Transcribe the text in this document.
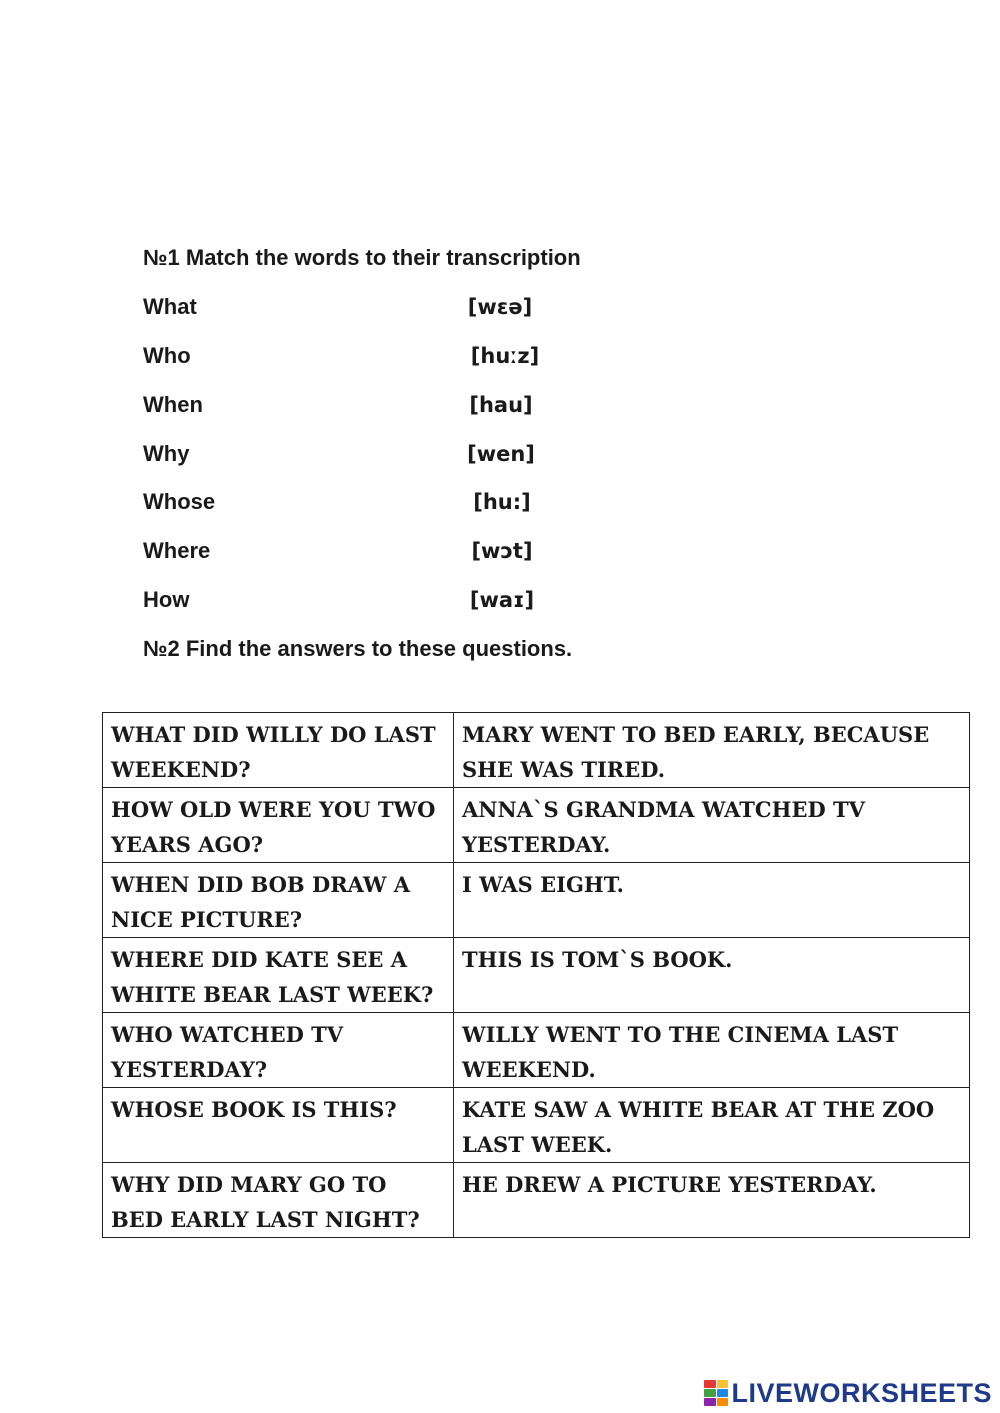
№1 Match the words to their transcription
What	[wɛə]
Who	[huːz]
When	[hau]
Why	[wen]
Whose	[hu:]
Where	[wɔt]
How	[waɪ]
№2 Find the answers to these questions.
WHAT DID WILLY DO LAST WEEKEND?	MARY WENT TO BED EARLY, BECAUSE SHE WAS TIRED.
HOW OLD WERE YOU TWO YEARS AGO?	ANNA`S GRANDMA WATCHED TV YESTERDAY.
WHEN DID BOB DRAW A NICE PICTURE?	I WAS EIGHT.
WHERE DID KATE SEE A WHITE BEAR LAST WEEK?	THIS IS TOM`S BOOK.
WHO WATCHED TV YESTERDAY?	WILLY WENT TO THE CINEMA LAST WEEKEND.
WHOSE BOOK IS THIS?	KATE SAW A WHITE BEAR AT THE ZOO LAST WEEK.
WHY DID MARY GO TO BED EARLY LAST NIGHT?	HE DREW A PICTURE YESTERDAY.
LIVEWORKSHEETS
